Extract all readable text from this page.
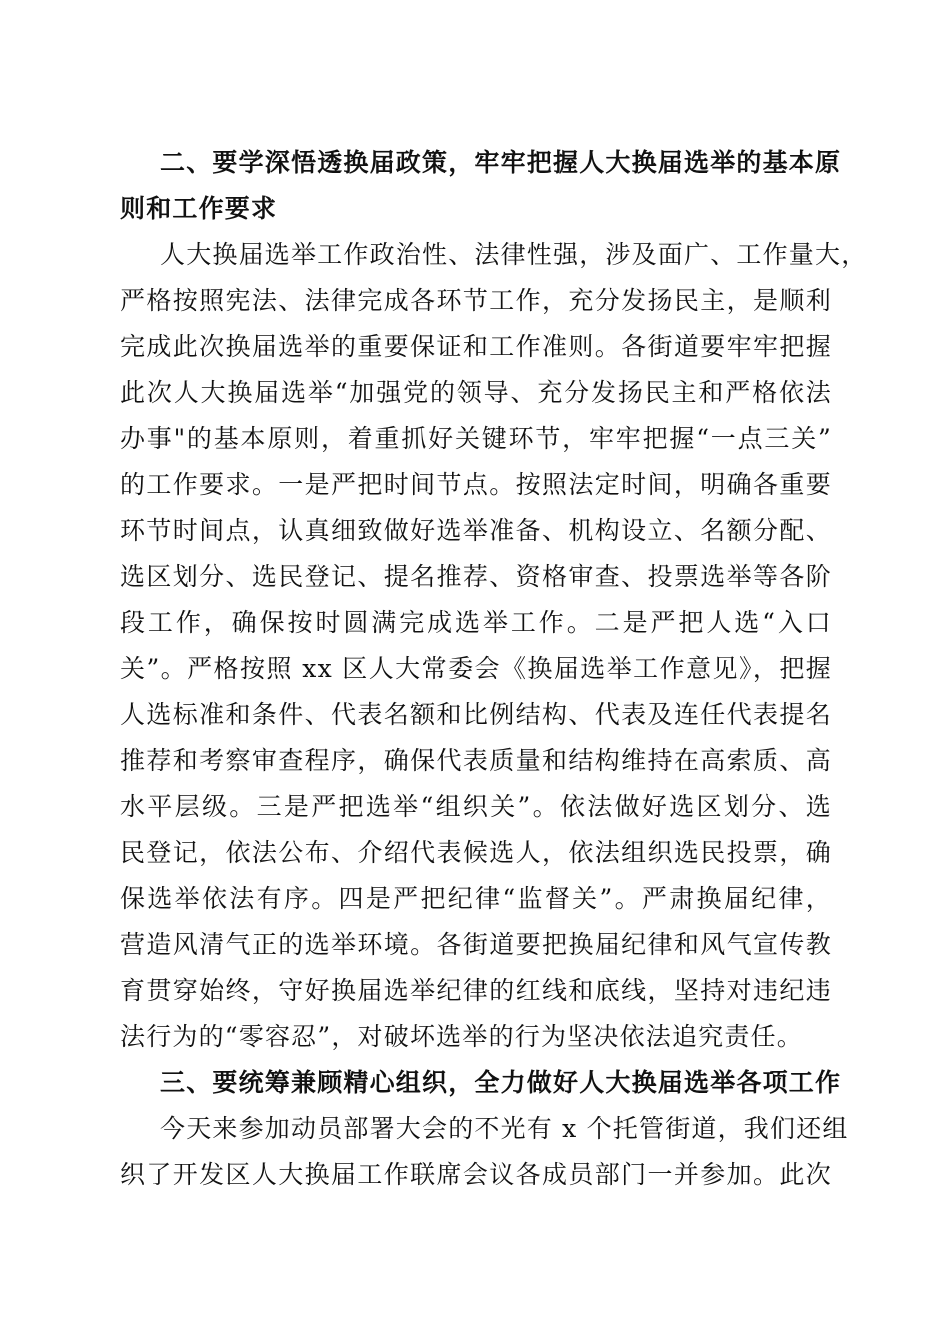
二、要学深悟透换届政策，牢牢把握人大换届选举的基本原
则和工作要求
人大换届选举工作政治性、法律性强，涉及面广、工作量大，
严格按照宪法、法律完成各环节工作，充分发扬民主，是顺利
完成此次换届选举的重要保证和工作准则。各街道要牢牢把握
此次人大换届选举“加强党的领导、充分发扬民主和严格依法
办事"的基本原则，着重抓好关键环节，牢牢把握“一点三关”
的工作要求。一是严把时间节点。按照法定时间，明确各重要
环节时间点，认真细致做好选举准备、机构设立、名额分配、
选区划分、选民登记、提名推荐、资格审查、投票选举等各阶
段工作，确保按时圆满完成选举工作。二是严把人选“入口
关”。严格按照 xx 区人大常委会《换届选举工作意见》，把握
人选标准和条件、代表名额和比例结构、代表及连任代表提名
推荐和考察审查程序，确保代表质量和结构维持在高索质、高
水平层级。三是严把选举“组织关”。依法做好选区划分、选
民登记，依法公布、介绍代表候选人，依法组织选民投票，确
保选举依法有序。四是严把纪律“监督关”。严肃换届纪律，
营造风清气正的选举环境。各街道要把换届纪律和风气宣传教
育贯穿始终，守好换届选举纪律的红线和底线，坚持对违纪违
法行为的“零容忍”，对破坏选举的行为坚决依法追究责任。
三、要统筹兼顾精心组织，全力做好人大换届选举各项工作
今天来参加动员部署大会的不光有 x 个托管街道，我们还组
织了开发区人大换届工作联席会议各成员部门一并参加。此次
